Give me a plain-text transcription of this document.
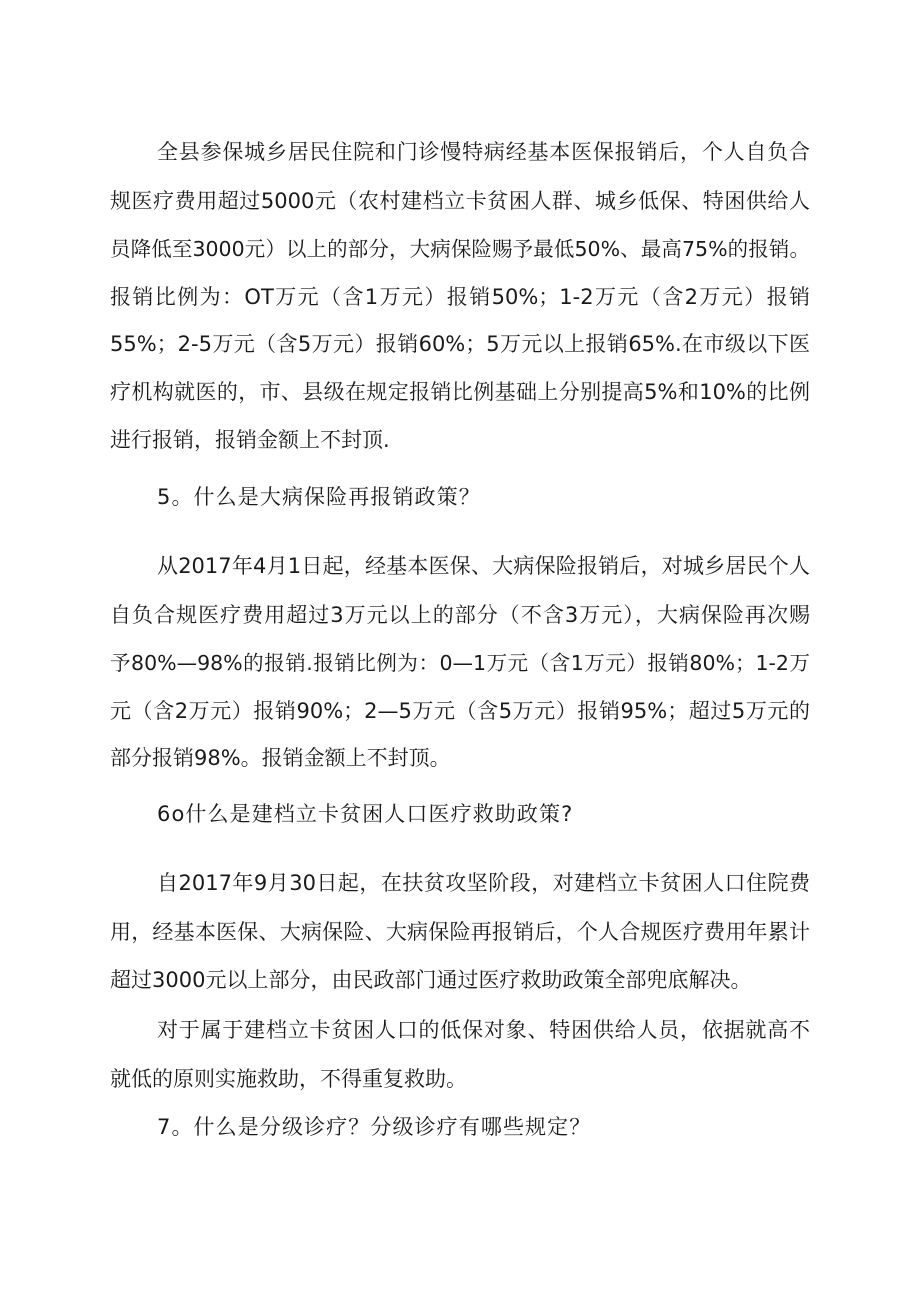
全县参保城乡居民住院和门诊慢特病经基本医保报销后，个人自负合
规医疗费用超过5000元（农村建档立卡贫困人群、城乡低保、特困供给人
员降低至3000元）以上的部分，大病保险赐予最低50%、最高75%的报销。
报销比例为：OT万元（含1万元）报销50%；1-2万元（含2万元）报销
55%；2-5万元（含5万元）报销60%；5万元以上报销65%.在市级以下医
疗机构就医的，市、县级在规定报销比例基础上分别提高5%和10%的比例
进行报销，报销金额上不封顶.
5。什么是大病保险再报销政策？
从2017年4月1日起，经基本医保、大病保险报销后，对城乡居民个人
自负合规医疗费用超过3万元以上的部分（不含3万元），大病保险再次赐
予80%—98%的报销.报销比例为：0—1万元（含1万元）报销80%；1-2万
元（含2万元）报销90%；2—5万元（含5万元）报销95%；超过5万元的
部分报销98%。报销金额上不封顶。
6o什么是建档立卡贫困人口医疗救助政策?
自2017年9月30日起，在扶贫攻坚阶段，对建档立卡贫困人口住院费
用，经基本医保、大病保险、大病保险再报销后，个人合规医疗费用年累计
超过3000元以上部分，由民政部门通过医疗救助政策全部兜底解决。
对于属于建档立卡贫困人口的低保对象、特困供给人员，依据就高不
就低的原则实施救助，不得重复救助。
7。什么是分级诊疗？分级诊疗有哪些规定？
